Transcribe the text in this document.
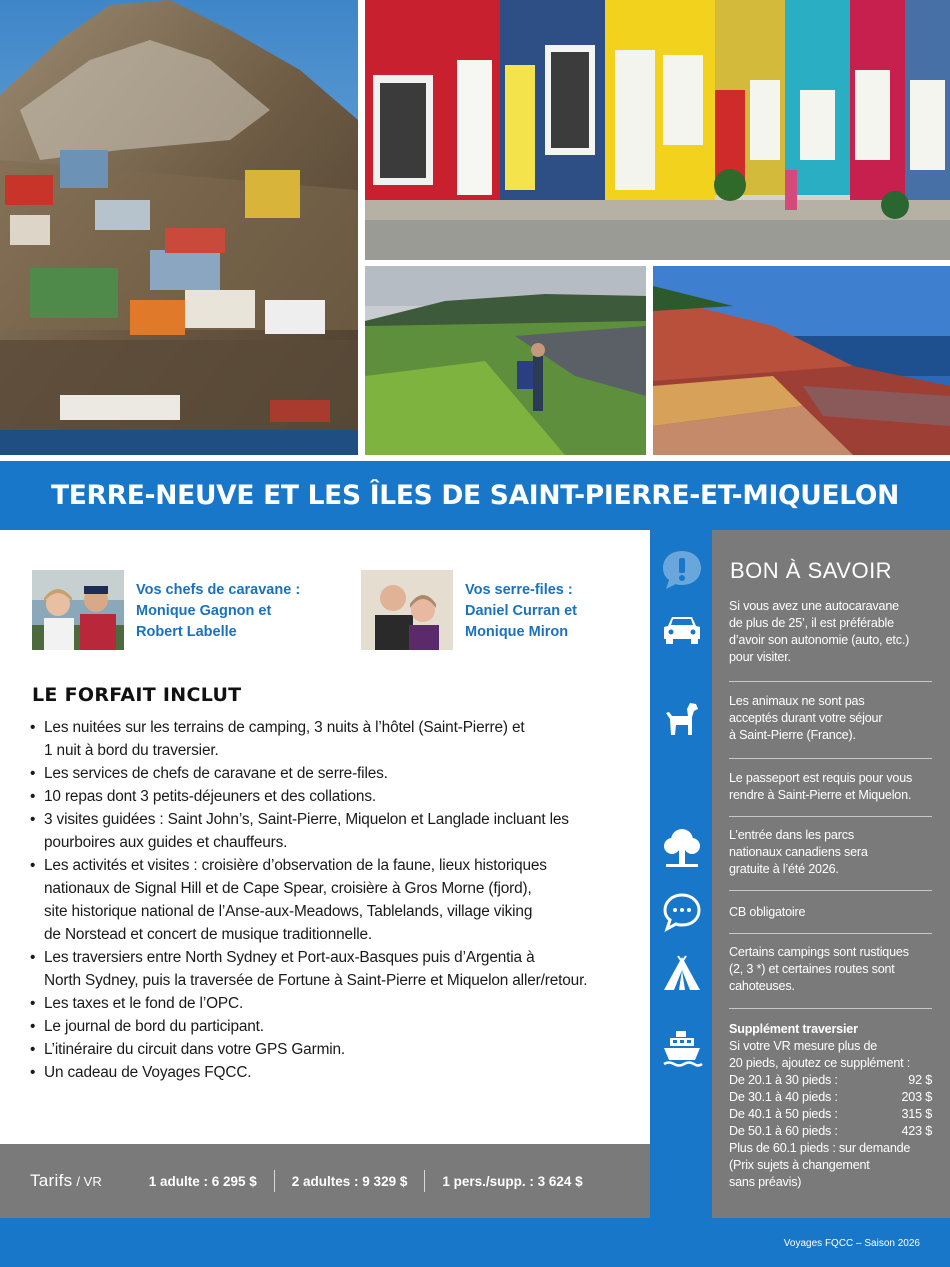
TERRE-NEUVE ET LES ÎLES DE SAINT-PIERRE-ET-MIQUELON
Vos chefs de caravane :
Monique Gagnon et
Robert Labelle
Vos serre-files :
Daniel Curran et
Monique Miron
LE FORFAIT INCLUT
• Les nuitées sur les terrains de camping, 3 nuits à l’hôtel (Saint-Pierre) et
1 nuit à bord du traversier.
• Les services de chefs de caravane et de serre-files.
• 10 repas dont 3 petits-déjeuners et des collations.
• 3 visites guidées : Saint John’s, Saint-Pierre, Miquelon et Langlade incluant les
pourboires aux guides et chauffeurs.
• Les activités et visites : croisière d’observation de la faune, lieux historiques
nationaux de Signal Hill et de Cape Spear, croisière à Gros Morne (fjord),
site historique national de l’Anse-aux-Meadows, Tablelands, village viking
de Norstead et concert de musique traditionnelle.
• Les traversiers entre North Sydney et Port-aux-Basques puis d’Argentia à
North Sydney, puis la traversée de Fortune à Saint-Pierre et Miquelon aller/retour.
• Les taxes et le fond de l’OPC.
• Le journal de bord du participant.
• L’itinéraire du circuit dans votre GPS Garmin.
• Un cadeau de Voyages FQCC.
Tarifs / VR	1 adulte : 6 295 $	2 adultes : 9 329 $	1 pers./supp. : 3 624 $
BON À SAVOIR
Si vous avez une autocaravane
de plus de 25’, il est préférable
d’avoir son autonomie (auto, etc.)
pour visiter.
Les animaux ne sont pas
acceptés durant votre séjour
à Saint-Pierre (France).
Le passeport est requis pour vous
rendre à Saint-Pierre et Miquelon.
L’entrée dans les parcs
nationaux canadiens sera
gratuite à l’été 2026.
CB obligatoire
Certains campings sont rustiques
(2, 3 *) et certaines routes sont
cahoteuses.
Supplément traversier
Si votre VR mesure plus de
20 pieds, ajoutez ce supplément :
De 20.1 à 30 pieds :	92 $
De 30.1 à 40 pieds :	203 $
De 40.1 à 50 pieds :	315 $
De 50.1 à 60 pieds :	423 $
Plus de 60.1 pieds : sur demande
(Prix sujets à changement
sans préavis)
Voyages FQCC – Saison 2026
